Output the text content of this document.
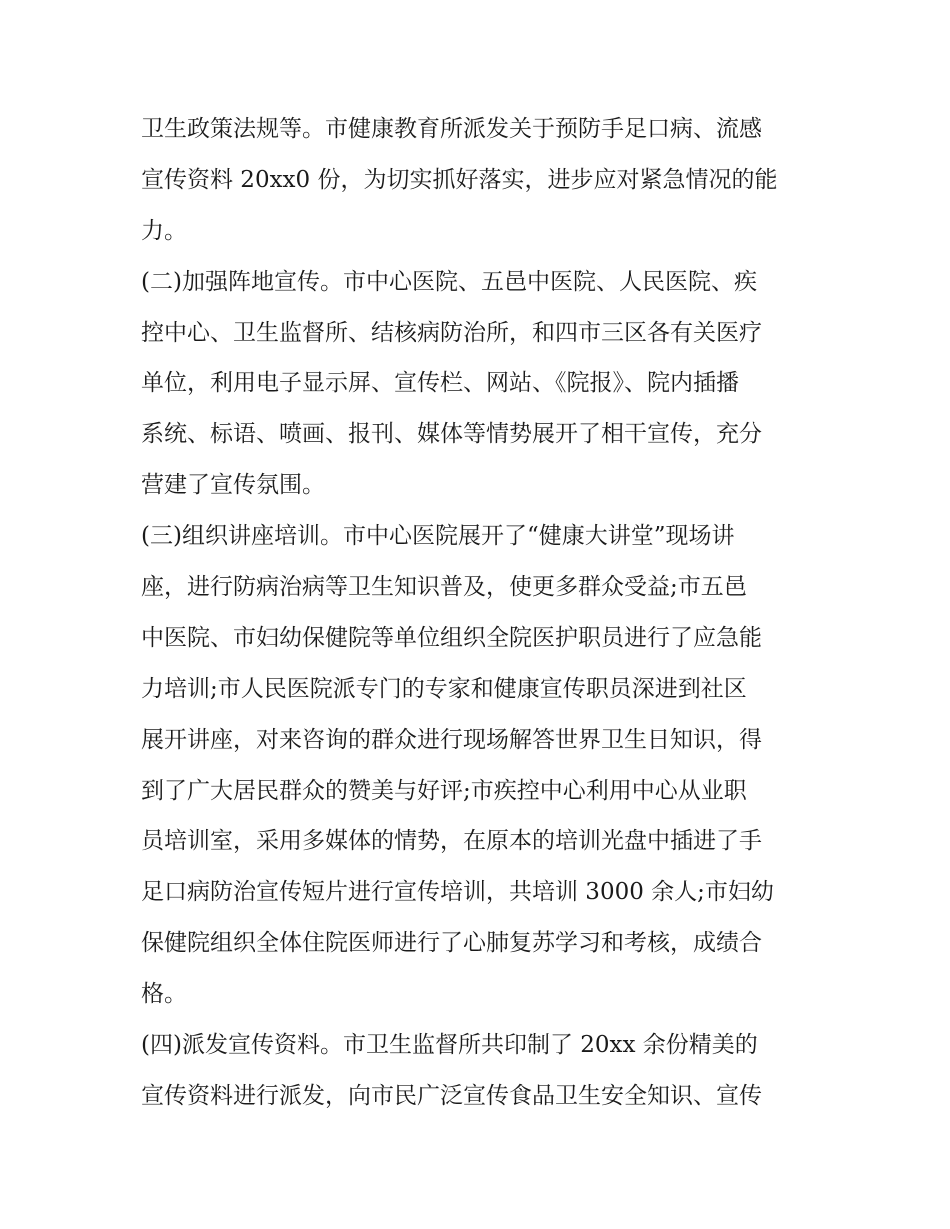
卫生政策法规等。市健康教育所派发关于预防手足口病、流感
宣传资料 20xx0 份，为切实抓好落实，进步应对紧急情况的能
力。
(二)加强阵地宣传。市中心医院、五邑中医院、人民医院、疾
控中心、卫生监督所、结核病防治所，和四市三区各有关医疗
单位，利用电子显示屏、宣传栏、网站、《院报》、院内插播
系统、标语、喷画、报刊、媒体等情势展开了相干宣传，充分
营建了宣传氛围。
(三)组织讲座培训。市中心医院展开了“健康大讲堂”现场讲
座，进行防病治病等卫生知识普及，使更多群众受益;市五邑
中医院、市妇幼保健院等单位组织全院医护职员进行了应急能
力培训;市人民医院派专门的专家和健康宣传职员深进到社区
展开讲座，对来咨询的群众进行现场解答世界卫生日知识，得
到了广大居民群众的赞美与好评;市疾控中心利用中心从业职
员培训室，采用多媒体的情势，在原本的培训光盘中插进了手
足口病防治宣传短片进行宣传培训，共培训 3000 余人;市妇幼
保健院组织全体住院医师进行了心肺复苏学习和考核，成绩合
格。
(四)派发宣传资料。市卫生监督所共印制了 20xx 余份精美的
宣传资料进行派发，向市民广泛宣传食品卫生安全知识、宣传
